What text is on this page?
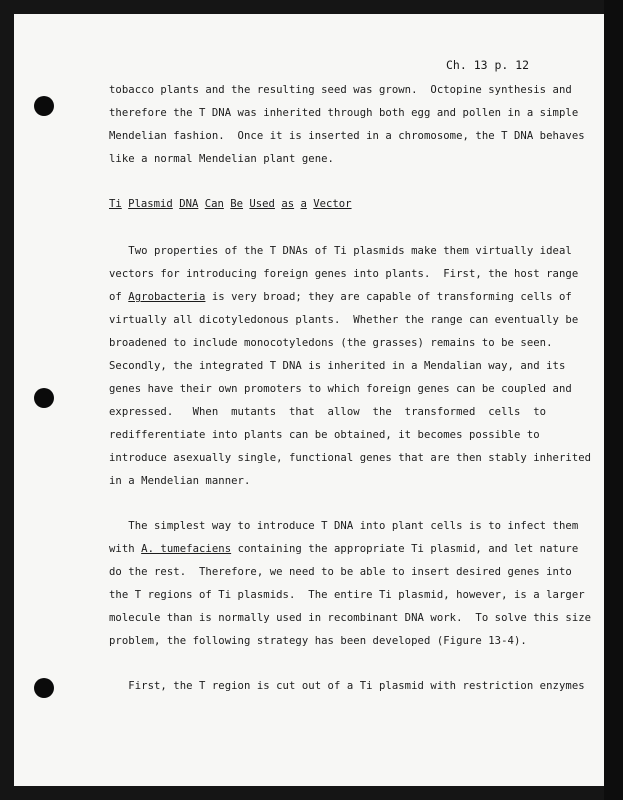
Ch. 13 p. 12
tobacco plants and the resulting seed was grown.  Octopine synthesis and
therefore the T DNA was inherited through both egg and pollen in a simple
Mendelian fashion.  Once it is inserted in a chromosome, the T DNA behaves
like a normal Mendelian plant gene.
Ti Plasmid DNA Can Be Used as a Vector
Two properties of the T DNAs of Ti plasmids make them virtually ideal
vectors for introducing foreign genes into plants.  First, the host range
of Agrobacteria is very broad; they are capable of transforming cells of
virtually all dicotyledonous plants.  Whether the range can eventually be
broadened to include monocotyledons (the grasses) remains to be seen.
Secondly, the integrated T DNA is inherited in a Mendalian way, and its
genes have their own promoters to which foreign genes can be coupled and
expressed.   When  mutants  that  allow  the  transformed  cells  to
redifferentiate into plants can be obtained, it becomes possible to
introduce asexually single, functional genes that are then stably inherited
in a Mendelian manner.
The simplest way to introduce T DNA into plant cells is to infect them
with A. tumefaciens containing the appropriate Ti plasmid, and let nature
do the rest.  Therefore, we need to be able to insert desired genes into
the T regions of Ti plasmids.  The entire Ti plasmid, however, is a larger
molecule than is normally used in recombinant DNA work.  To solve this size
problem, the following strategy has been developed (Figure 13-4).
First, the T region is cut out of a Ti plasmid with restriction enzymes
